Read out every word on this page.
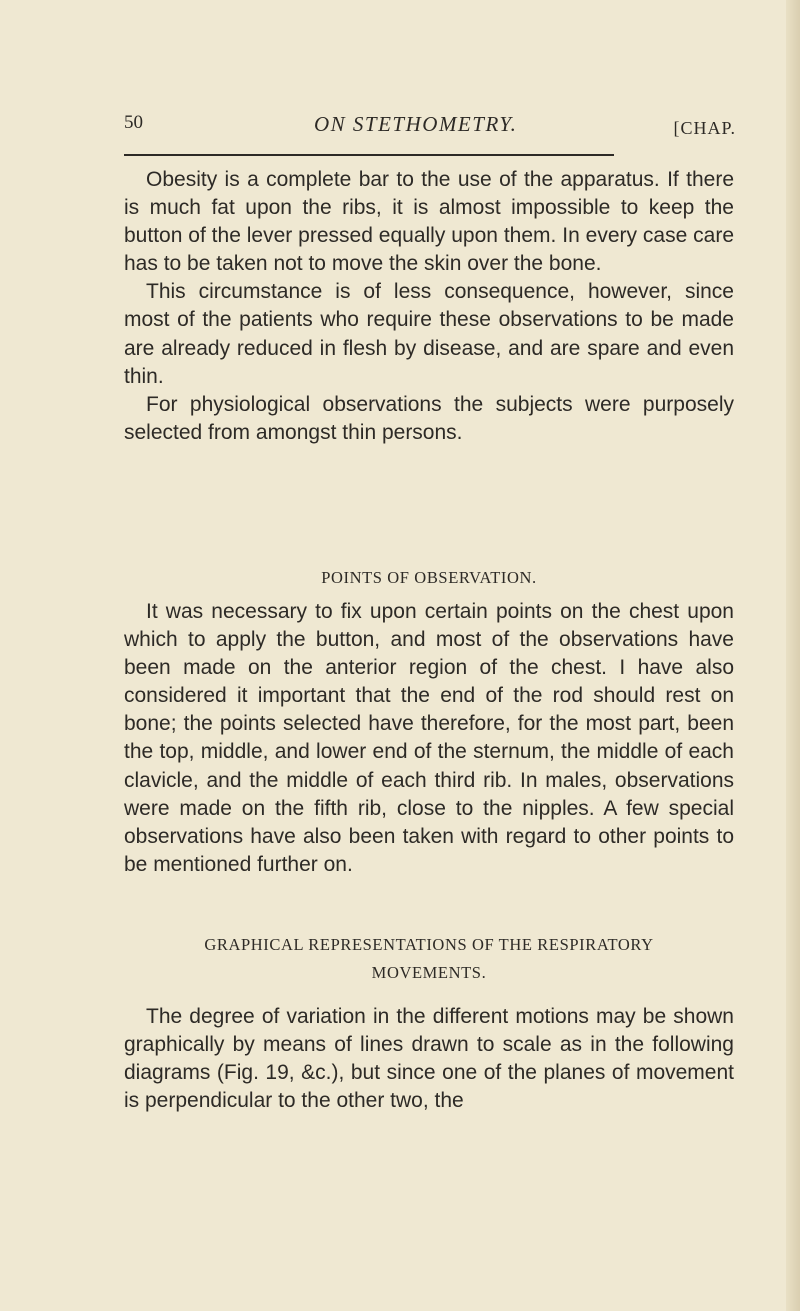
50	ON STETHOMETRY.	[CHAP.

Obesity is a complete bar to the use of the apparatus. If there is much fat upon the ribs, it is almost impossible to keep the button of the lever pressed equally upon them. In every case care has to be taken not to move the skin over the bone.

This circumstance is of less consequence, however, since most of the patients who require these observations to be made are already reduced in flesh by disease, and are spare and even thin.

For physiological observations the subjects were purposely selected from amongst thin persons.

POINTS OF OBSERVATION.

It was necessary to fix upon certain points on the chest upon which to apply the button, and most of the observations have been made on the anterior region of the chest. I have also considered it important that the end of the rod should rest on bone; the points selected have therefore, for the most part, been the top, middle, and lower end of the sternum, the middle of each clavicle, and the middle of each third rib. In males, observations were made on the fifth rib, close to the nipples. A few special observations have also been taken with regard to other points to be mentioned further on.

GRAPHICAL REPRESENTATIONS OF THE RESPIRATORY
MOVEMENTS.

The degree of variation in the different motions may be shown graphically by means of lines drawn to scale as in the following diagrams (Fig. 19, &c.), but since one of the planes of movement is perpendicular to the other two, the
